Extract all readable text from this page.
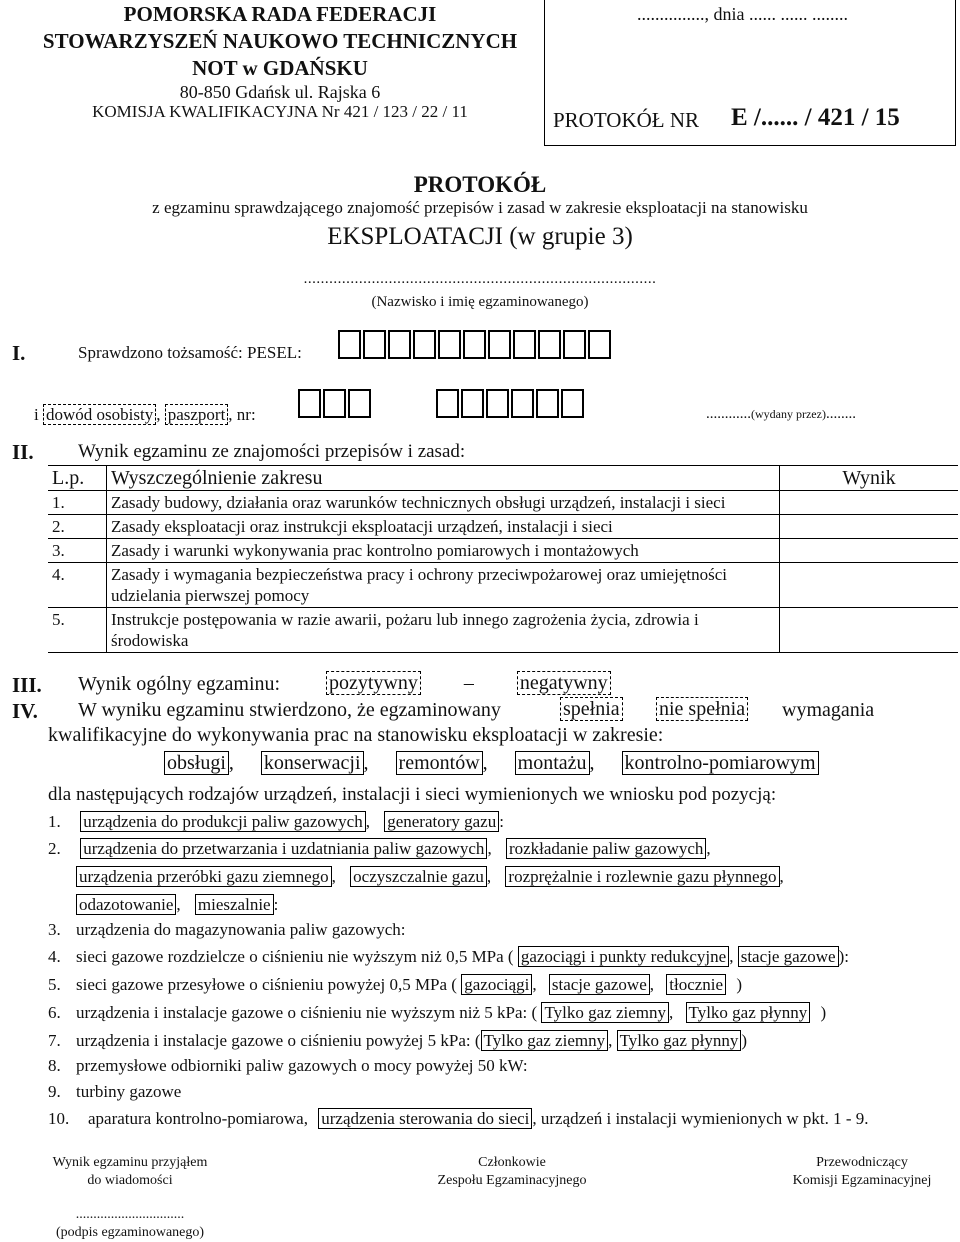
POMORSKA RADA FEDERACJI
STOWARZYSZEŃ NAUKOWO TECHNICZNYCH
NOT w GDAŃSKU
80-850 Gdańsk ul. Rajska 6
KOMISJA KWALIFIKACYJNA Nr 421 / 123 / 22 / 11
..............., dnia ...... ...... ........
PROTOKÓŁ NR E /...... / 421 / 15
PROTOKÓŁ
z egzaminu sprawdzającego znajomość przepisów i zasad w zakresie eksploatacji na stanowisku
EKSPLOATACJI (w grupie 3)
...................................................................................
(Nazwisko i imię egzaminowanego)
I.	Sprawdzono tożsamość: PESEL:
i dowód osobisty , paszport , nr:	............(wydany przez)........
II. Wynik egzaminu ze znajomości przepisów i zasad:
L.p.	Wyszczególnienie zakresu	Wynik
1.	Zasady budowy, działania oraz warunków technicznych obsługi urządzeń, instalacji i sieci	
2.	Zasady eksploatacji oraz instrukcji eksploatacji urządzeń, instalacji i sieci	
3.	Zasady i warunki wykonywania prac kontrolno pomiarowych i montażowych	
4.	Zasady i wymagania bezpieczeństwa pracy i ochrony przeciwpożarowej oraz umiejętności udzielania pierwszej pomocy	
5.	Instrukcje postępowania w razie awarii, pożaru lub innego zagrożenia życia, zdrowia i środowiska	
III. Wynik ogólny egzaminu: pozytywny – negatywny
IV. W wyniku egzaminu stwierdzono, że egzaminowany	spełnia nie spełnia wymagania
kwalifikacyjne do wykonywania prac na stanowisku eksploatacji w zakresie:
obsługi , konserwacji , remontów , montażu , kontrolno-pomiarowym
dla następujących rodzajów urządzeń, instalacji i sieci wymienionych we wniosku pod pozycją:
1. urządzenia do produkcji paliw gazowych , generatory gazu :
2. urządzenia do przetwarzania i uzdatniania paliw gazowych , rozkładanie paliw gazowych ,
urządzenia przeróbki gazu ziemnego , oczyszczalnie gazu , rozprężalnie i rozlewnie gazu płynnego ,
odazotowanie , mieszalnie :
3. urządzenia do magazynowania paliw gazowych:
4. sieci gazowe rozdzielcze o ciśnieniu nie wyższym niż 0,5 MPa ( gazociągi i punkty redukcyjne , stacje gazowe ):
5. sieci gazowe przesyłowe o ciśnieniu powyżej 0,5 MPa ( gazociągi , stacje gazowe , tłocznie )
6. urządzenia i instalacje gazowe o ciśnieniu nie wyższym niż 5 kPa: ( Tylko gaz ziemny , Tylko gaz płynny )
7. urządzenia i instalacje gazowe o ciśnieniu powyżej 5 kPa: ( Tylko gaz ziemny , Tylko gaz płynny )
8. przemysłowe odbiorniki paliw gazowych o mocy powyżej 50 kW:
9. turbiny gazowe
10. aparatura kontrolno-pomiarowa, urządzenia sterowania do sieci , urządzeń i instalacji wymienionych w pkt. 1 - 9.
Wynik egzaminu przyjąłem
do wiadomości
Członkowie
Zespołu Egzaminacyjnego
Przewodniczący
Komisji Egzaminacyjnej
...............................
(podpis egzaminowanego)
